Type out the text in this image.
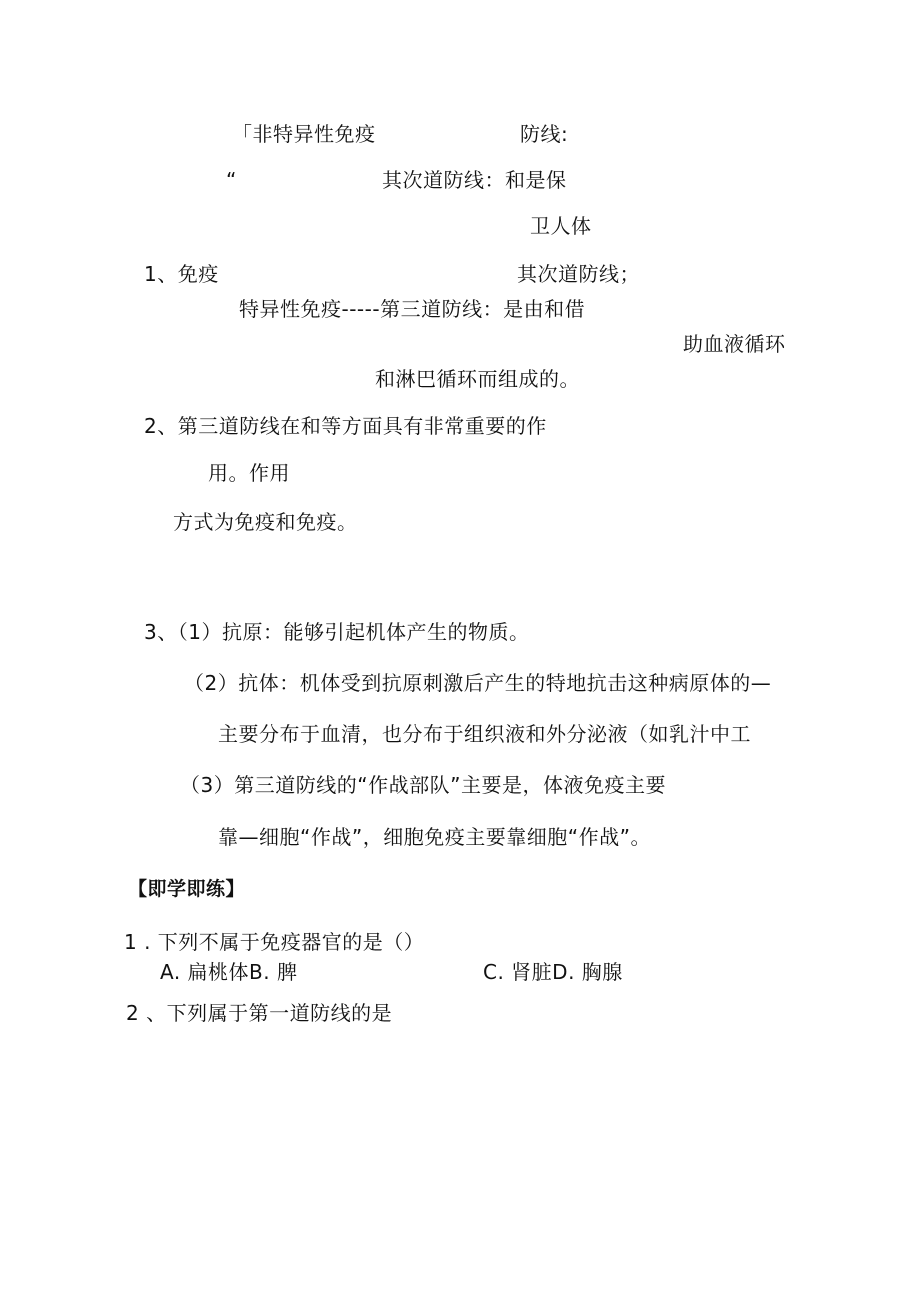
「非特异性免疫	防线:
“	其次道防线：和是保
卫人体
1、免疫	其次道防线；
特异性免疫-----第三道防线：是由和借
助血液循环
和淋巴循环而组成的。
2、第三道防线在和等方面具有非常重要的作
用。作用
方式为免疫和免疫。
3、（1）抗原：能够引起机体产生的物质。
（2）抗体：机体受到抗原刺激后产生的特地抗击这种病原体的—
主要分布于血清，也分布于组织液和外分泌液（如乳汁中工
（3）第三道防线的“作战部队”主要是，体液免疫主要
靠—细胞“作战”，细胞免疫主要靠细胞“作战”。
【即学即练】
1 . 下列不属于免疫器官的是（）
A. 扁桃体B. 脾	C. 肾脏D. 胸腺
2 、下列属于第一道防线的是
